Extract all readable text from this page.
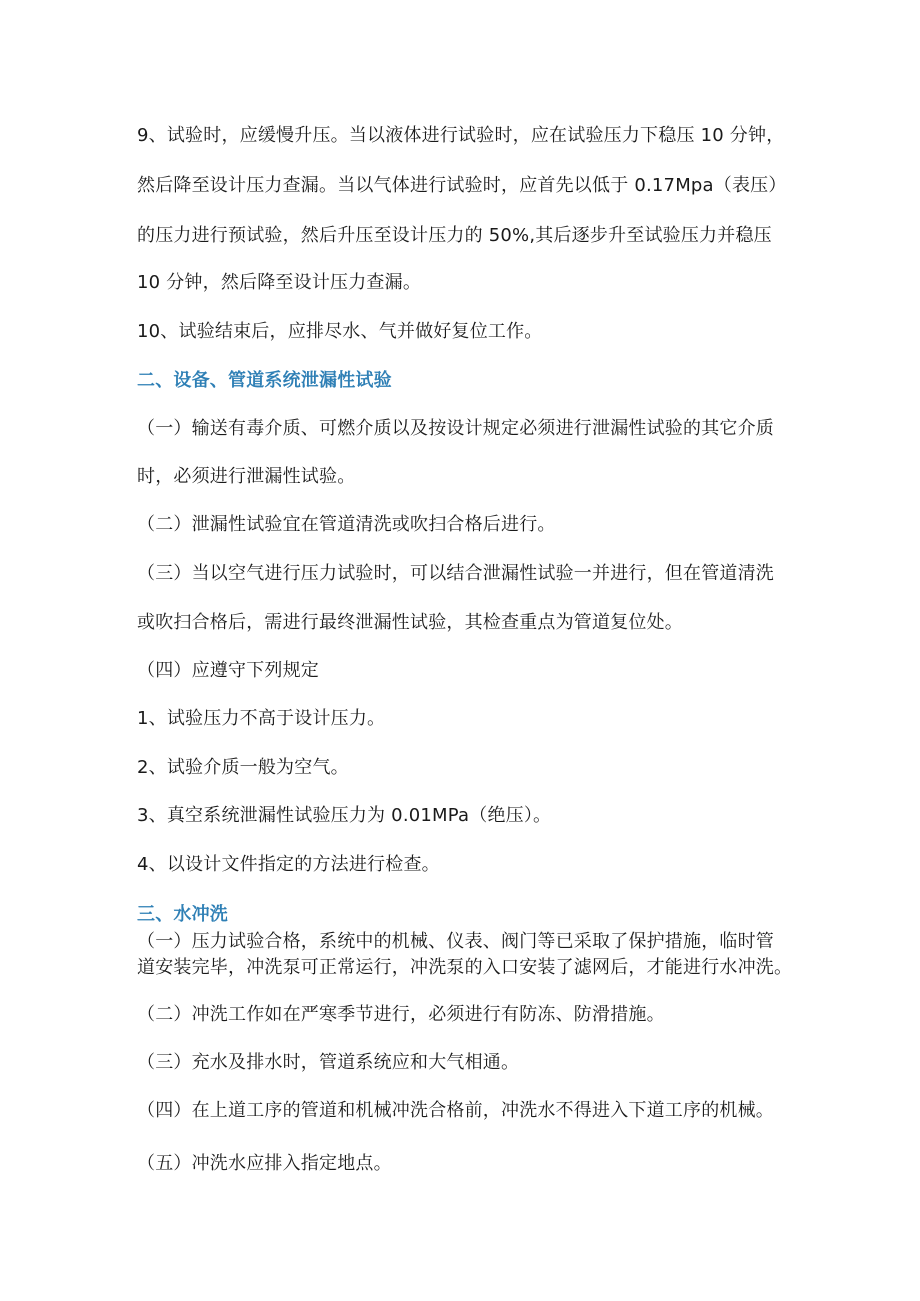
9、试验时，应缓慢升压。当以液体进行试验时，应在试验压力下稳压 10 分钟，
然后降至设计压力查漏。当以气体进行试验时，应首先以低于 0.17Mpa（表压）
的压力进行预试验，然后升压至设计压力的 50%,其后逐步升至试验压力并稳压
10 分钟，然后降至设计压力查漏。
10、试验结束后，应排尽水、气并做好复位工作。
二、设备、管道系统泄漏性试验
（一）输送有毒介质、可燃介质以及按设计规定必须进行泄漏性试验的其它介质
时，必须进行泄漏性试验。
（二）泄漏性试验宜在管道清洗或吹扫合格后进行。
（三）当以空气进行压力试验时，可以结合泄漏性试验一并进行，但在管道清洗
或吹扫合格后，需进行最终泄漏性试验，其检查重点为管道复位处。
（四）应遵守下列规定
1、试验压力不高于设计压力。
2、试验介质一般为空气。
3、真空系统泄漏性试验压力为 0.01MPa（绝压）。
4、以设计文件指定的方法进行检查。
三、水冲洗
（一）压力试验合格，系统中的机械、仪表、阀门等已采取了保护措施，临时管
道安装完毕，冲洗泵可正常运行，冲洗泵的入口安装了滤网后，才能进行水冲洗。
（二）冲洗工作如在严寒季节进行，必须进行有防冻、防滑措施。
（三）充水及排水时，管道系统应和大气相通。
（四）在上道工序的管道和机械冲洗合格前，冲洗水不得进入下道工序的机械。
（五）冲洗水应排入指定地点。
